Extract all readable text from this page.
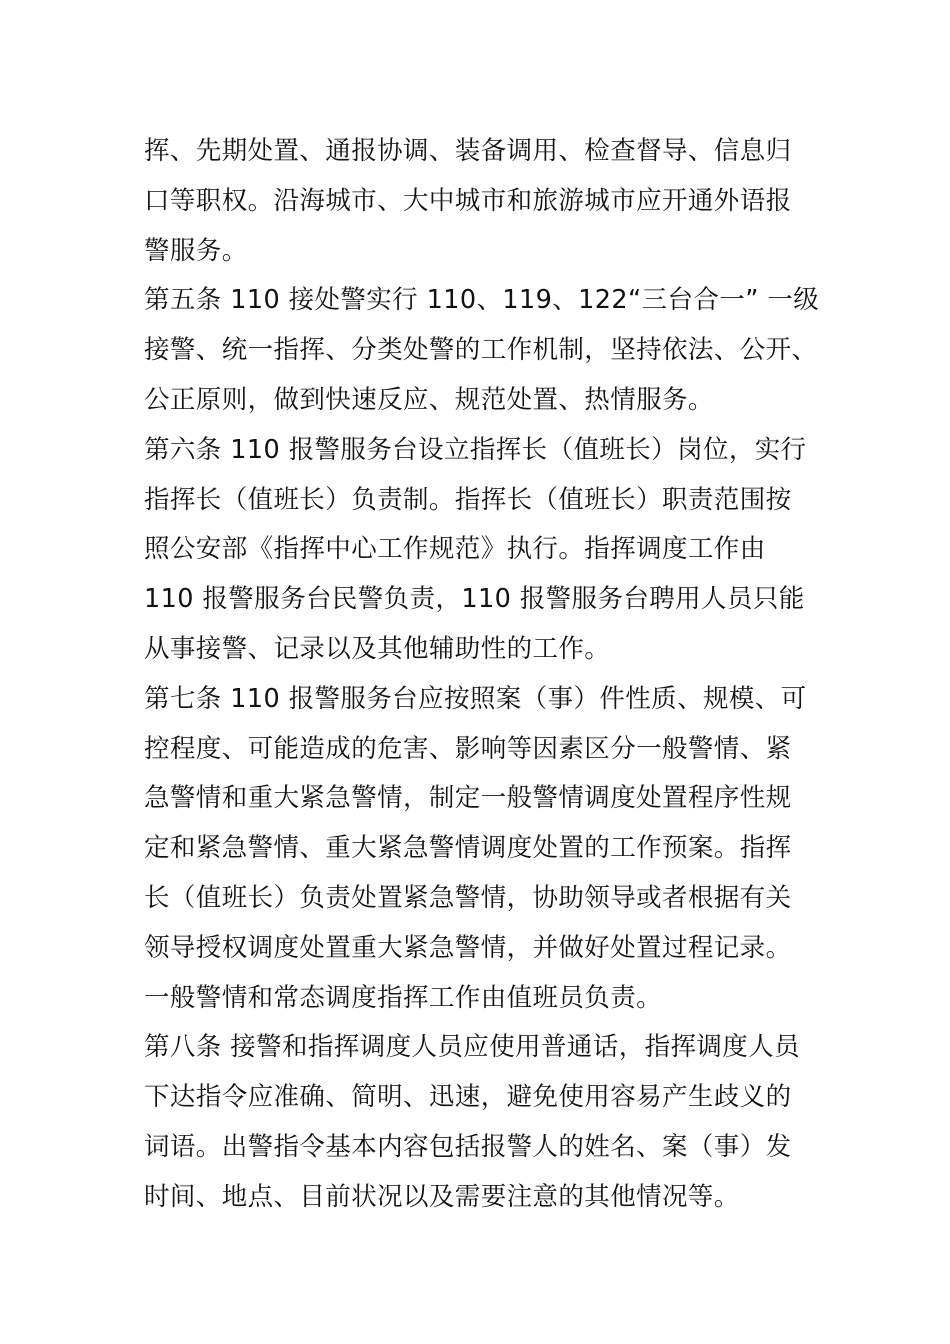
挥、先期处置、通报协调、装备调用、检查督导、信息归
口等职权。沿海城市、大中城市和旅游城市应开通外语报
警服务。
第五条 110 接处警实行 110、119、122“三台合一” 一级
接警、统一指挥、分类处警的工作机制，坚持依法、公开、
公正原则，做到快速反应、规范处置、热情服务。
第六条 110 报警服务台设立指挥长（值班长）岗位，实行
指挥长（值班长）负责制。指挥长（值班长）职责范围按
照公安部《指挥中心工作规范》执行。指挥调度工作由
110 报警服务台民警负责，110 报警服务台聘用人员只能
从事接警、记录以及其他辅助性的工作。
第七条 110 报警服务台应按照案（事）件性质、规模、可
控程度、可能造成的危害、影响等因素区分一般警情、紧
急警情和重大紧急警情，制定一般警情调度处置程序性规
定和紧急警情、重大紧急警情调度处置的工作预案。指挥
长（值班长）负责处置紧急警情，协助领导或者根据有关
领导授权调度处置重大紧急警情，并做好处置过程记录。
一般警情和常态调度指挥工作由值班员负责。
第八条 接警和指挥调度人员应使用普通话，指挥调度人员
下达指令应准确、简明、迅速，避免使用容易产生歧义的
词语。出警指令基本内容包括报警人的姓名、案（事）发
时间、地点、目前状况以及需要注意的其他情况等。
